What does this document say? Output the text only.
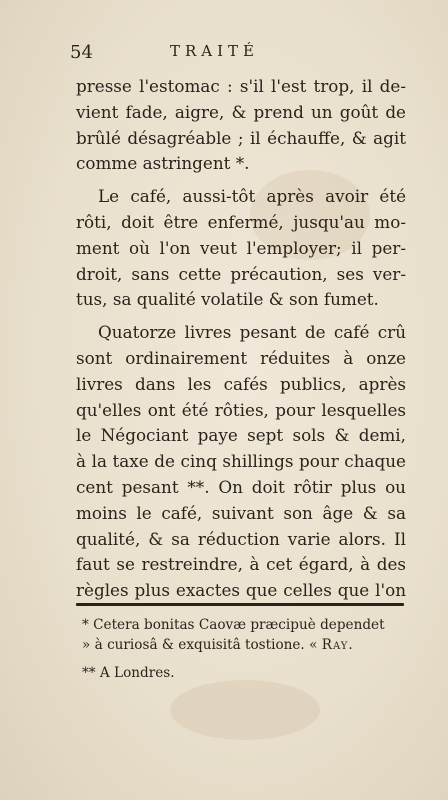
54	TRAITÉ
presse l'estomac : s'il l'est trop, il de-
vient fade, aigre, & prend un goût de
brûlé désagréable ; il échauffe, & agit
comme astringent *.
Le café, aussi-tôt après avoir été
rôti, doit être enfermé, jusqu'au mo-
ment où l'on veut l'employer; il per-
droit, sans cette précaution, ses ver-
tus, sa qualité volatile & son fumet.
Quatorze livres pesant de café crû
sont ordinairement réduites à onze
livres dans les cafés publics, après
qu'elles ont été rôties, pour lesquelles
le Négociant paye sept sols & demi,
à la taxe de cinq shillings pour chaque
cent pesant **. On doit rôtir plus ou
moins le café, suivant son âge & sa
qualité, & sa réduction varie alors. Il
faut se restreindre, à cet égard, à des
règles plus exactes que celles que l'on
* Cetera bonitas Caovæ præcipuè dependet
» à curiosâ & exquisitâ tostione. « Ray.
** A Londres.
